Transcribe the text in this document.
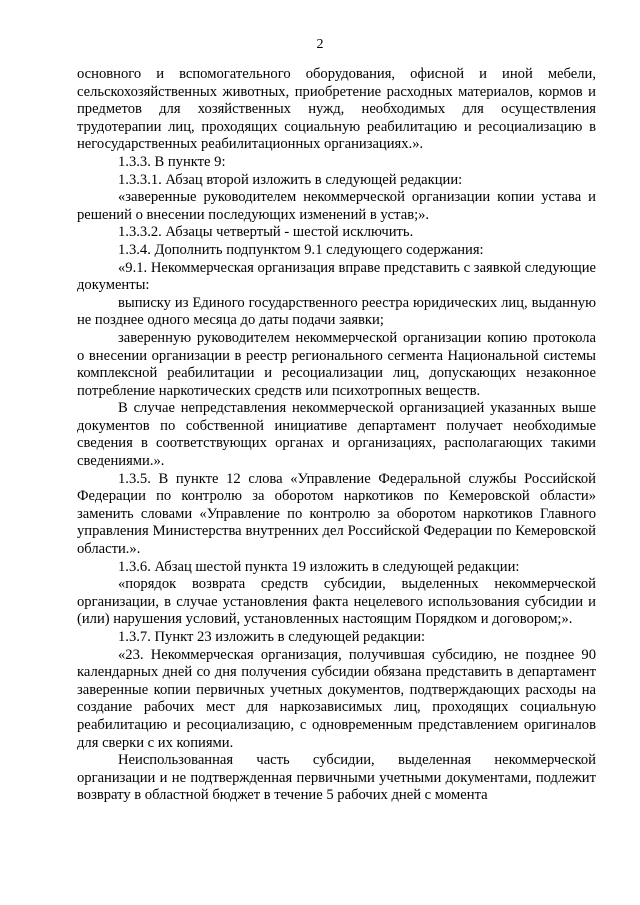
2

основного и вспомогательного оборудования, офисной и иной мебели, сельскохозяйственных животных, приобретение расходных материалов, кормов и предметов для хозяйственных нужд, необходимых для осуществления трудотерапии лиц, проходящих социальную реабилитацию и ресоциализацию в негосударственных реабилитационных организациях.».

1.3.3. В пункте 9:

1.3.3.1. Абзац второй изложить в следующей редакции:

«заверенные руководителем некоммерческой организации копии устава и решений о внесении последующих изменений в устав;».

1.3.3.2. Абзацы четвертый - шестой исключить.

1.3.4. Дополнить подпунктом 9.1 следующего содержания:

«9.1. Некоммерческая организация вправе представить с заявкой следующие документы:

выписку из Единого государственного реестра юридических лиц, выданную не позднее одного месяца до даты подачи заявки;

заверенную руководителем некоммерческой организации копию протокола о внесении организации в реестр регионального сегмента Национальной системы комплексной реабилитации и ресоциализации лиц, допускающих незаконное потребление наркотических средств или психотропных веществ.

В случае непредставления некоммерческой организацией указанных выше документов по собственной инициативе департамент получает необходимые сведения в соответствующих органах и организациях, располагающих такими сведениями.».

1.3.5. В пункте 12 слова «Управление Федеральной службы Российской Федерации по контролю за оборотом наркотиков по Кемеровской области» заменить словами «Управление по контролю за оборотом наркотиков Главного управления Министерства внутренних дел Российской Федерации по Кемеровской области.».

1.3.6. Абзац шестой пункта 19 изложить в следующей редакции:

«порядок возврата средств субсидии, выделенных некоммерческой организации, в случае установления факта нецелевого использования субсидии и (или) нарушения условий, установленных настоящим Порядком и договором;».

1.3.7. Пункт 23 изложить в следующей редакции:

«23. Некоммерческая организация, получившая субсидию, не позднее 90 календарных дней со дня получения субсидии обязана представить в департамент заверенные копии первичных учетных документов, подтверждающих расходы на создание рабочих мест для наркозависимых лиц, проходящих социальную реабилитацию и ресоциализацию, с одновременным представлением оригиналов для сверки с их копиями.

Неиспользованная часть субсидии, выделенная некоммерческой организации и не подтвержденная первичными учетными документами, подлежит возврату в областной бюджет в течение 5 рабочих дней с момента
